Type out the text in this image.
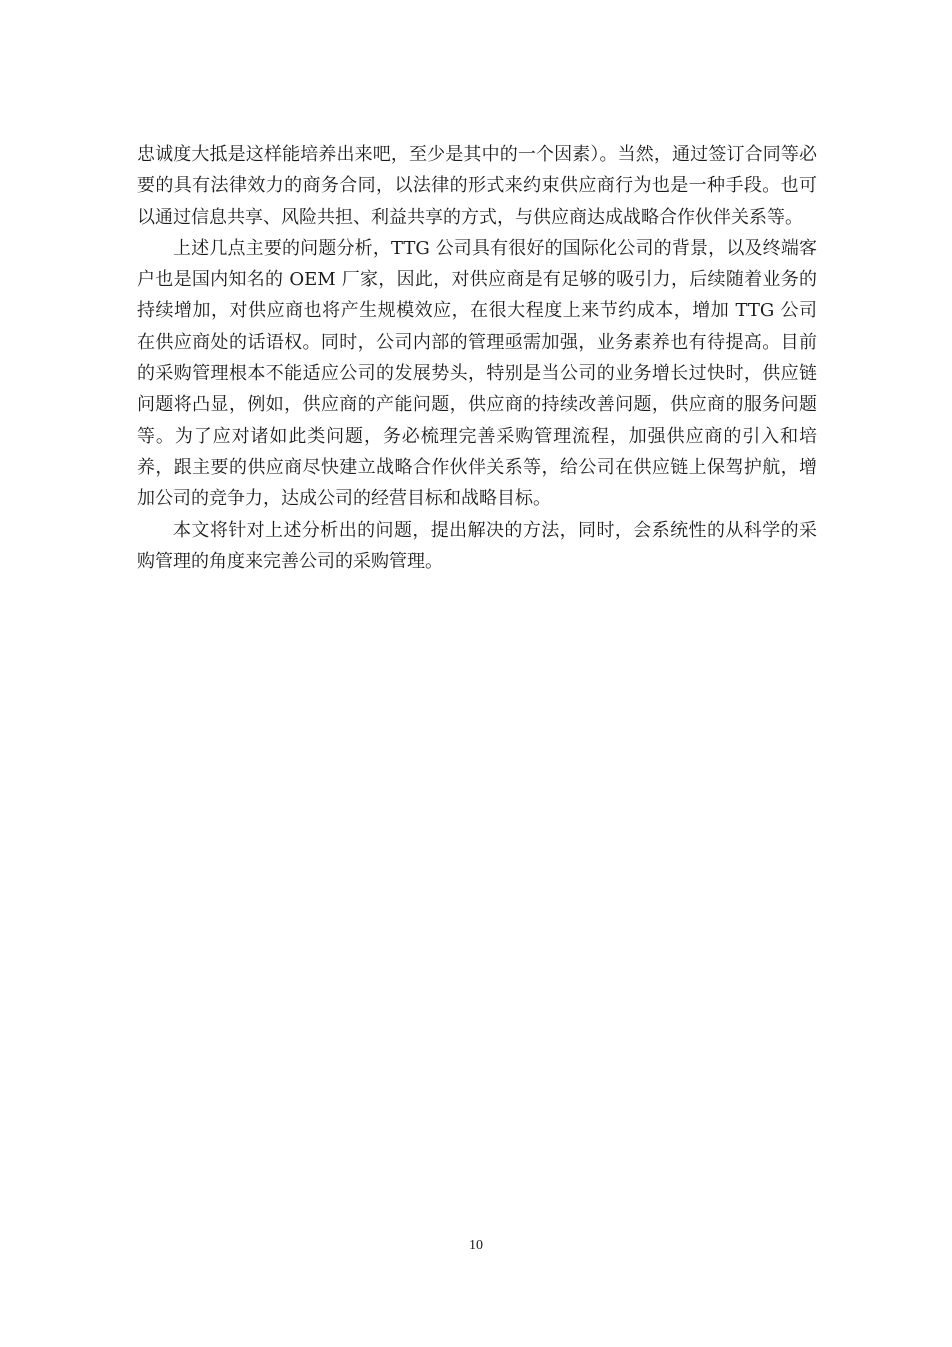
忠诚度大抵是这样能培养出来吧，至少是其中的一个因素）。当然，通过签订合同等必要的具有法律效力的商务合同，以法律的形式来约束供应商行为也是一种手段。也可以通过信息共享、风险共担、利益共享的方式，与供应商达成战略合作伙伴关系等。

上述几点主要的问题分析，TTG 公司具有很好的国际化公司的背景，以及终端客户也是国内知名的 OEM 厂家，因此，对供应商是有足够的吸引力，后续随着业务的持续增加，对供应商也将产生规模效应，在很大程度上来节约成本，增加 TTG 公司在供应商处的话语权。同时，公司内部的管理亟需加强，业务素养也有待提高。目前的采购管理根本不能适应公司的发展势头，特别是当公司的业务增长过快时，供应链问题将凸显，例如，供应商的产能问题，供应商的持续改善问题，供应商的服务问题等。为了应对诸如此类问题，务必梳理完善采购管理流程，加强供应商的引入和培养，跟主要的供应商尽快建立战略合作伙伴关系等，给公司在供应链上保驾护航，增加公司的竞争力，达成公司的经营目标和战略目标。

本文将针对上述分析出的问题，提出解决的方法，同时，会系统性的从科学的采购管理的角度来完善公司的采购管理。

10
